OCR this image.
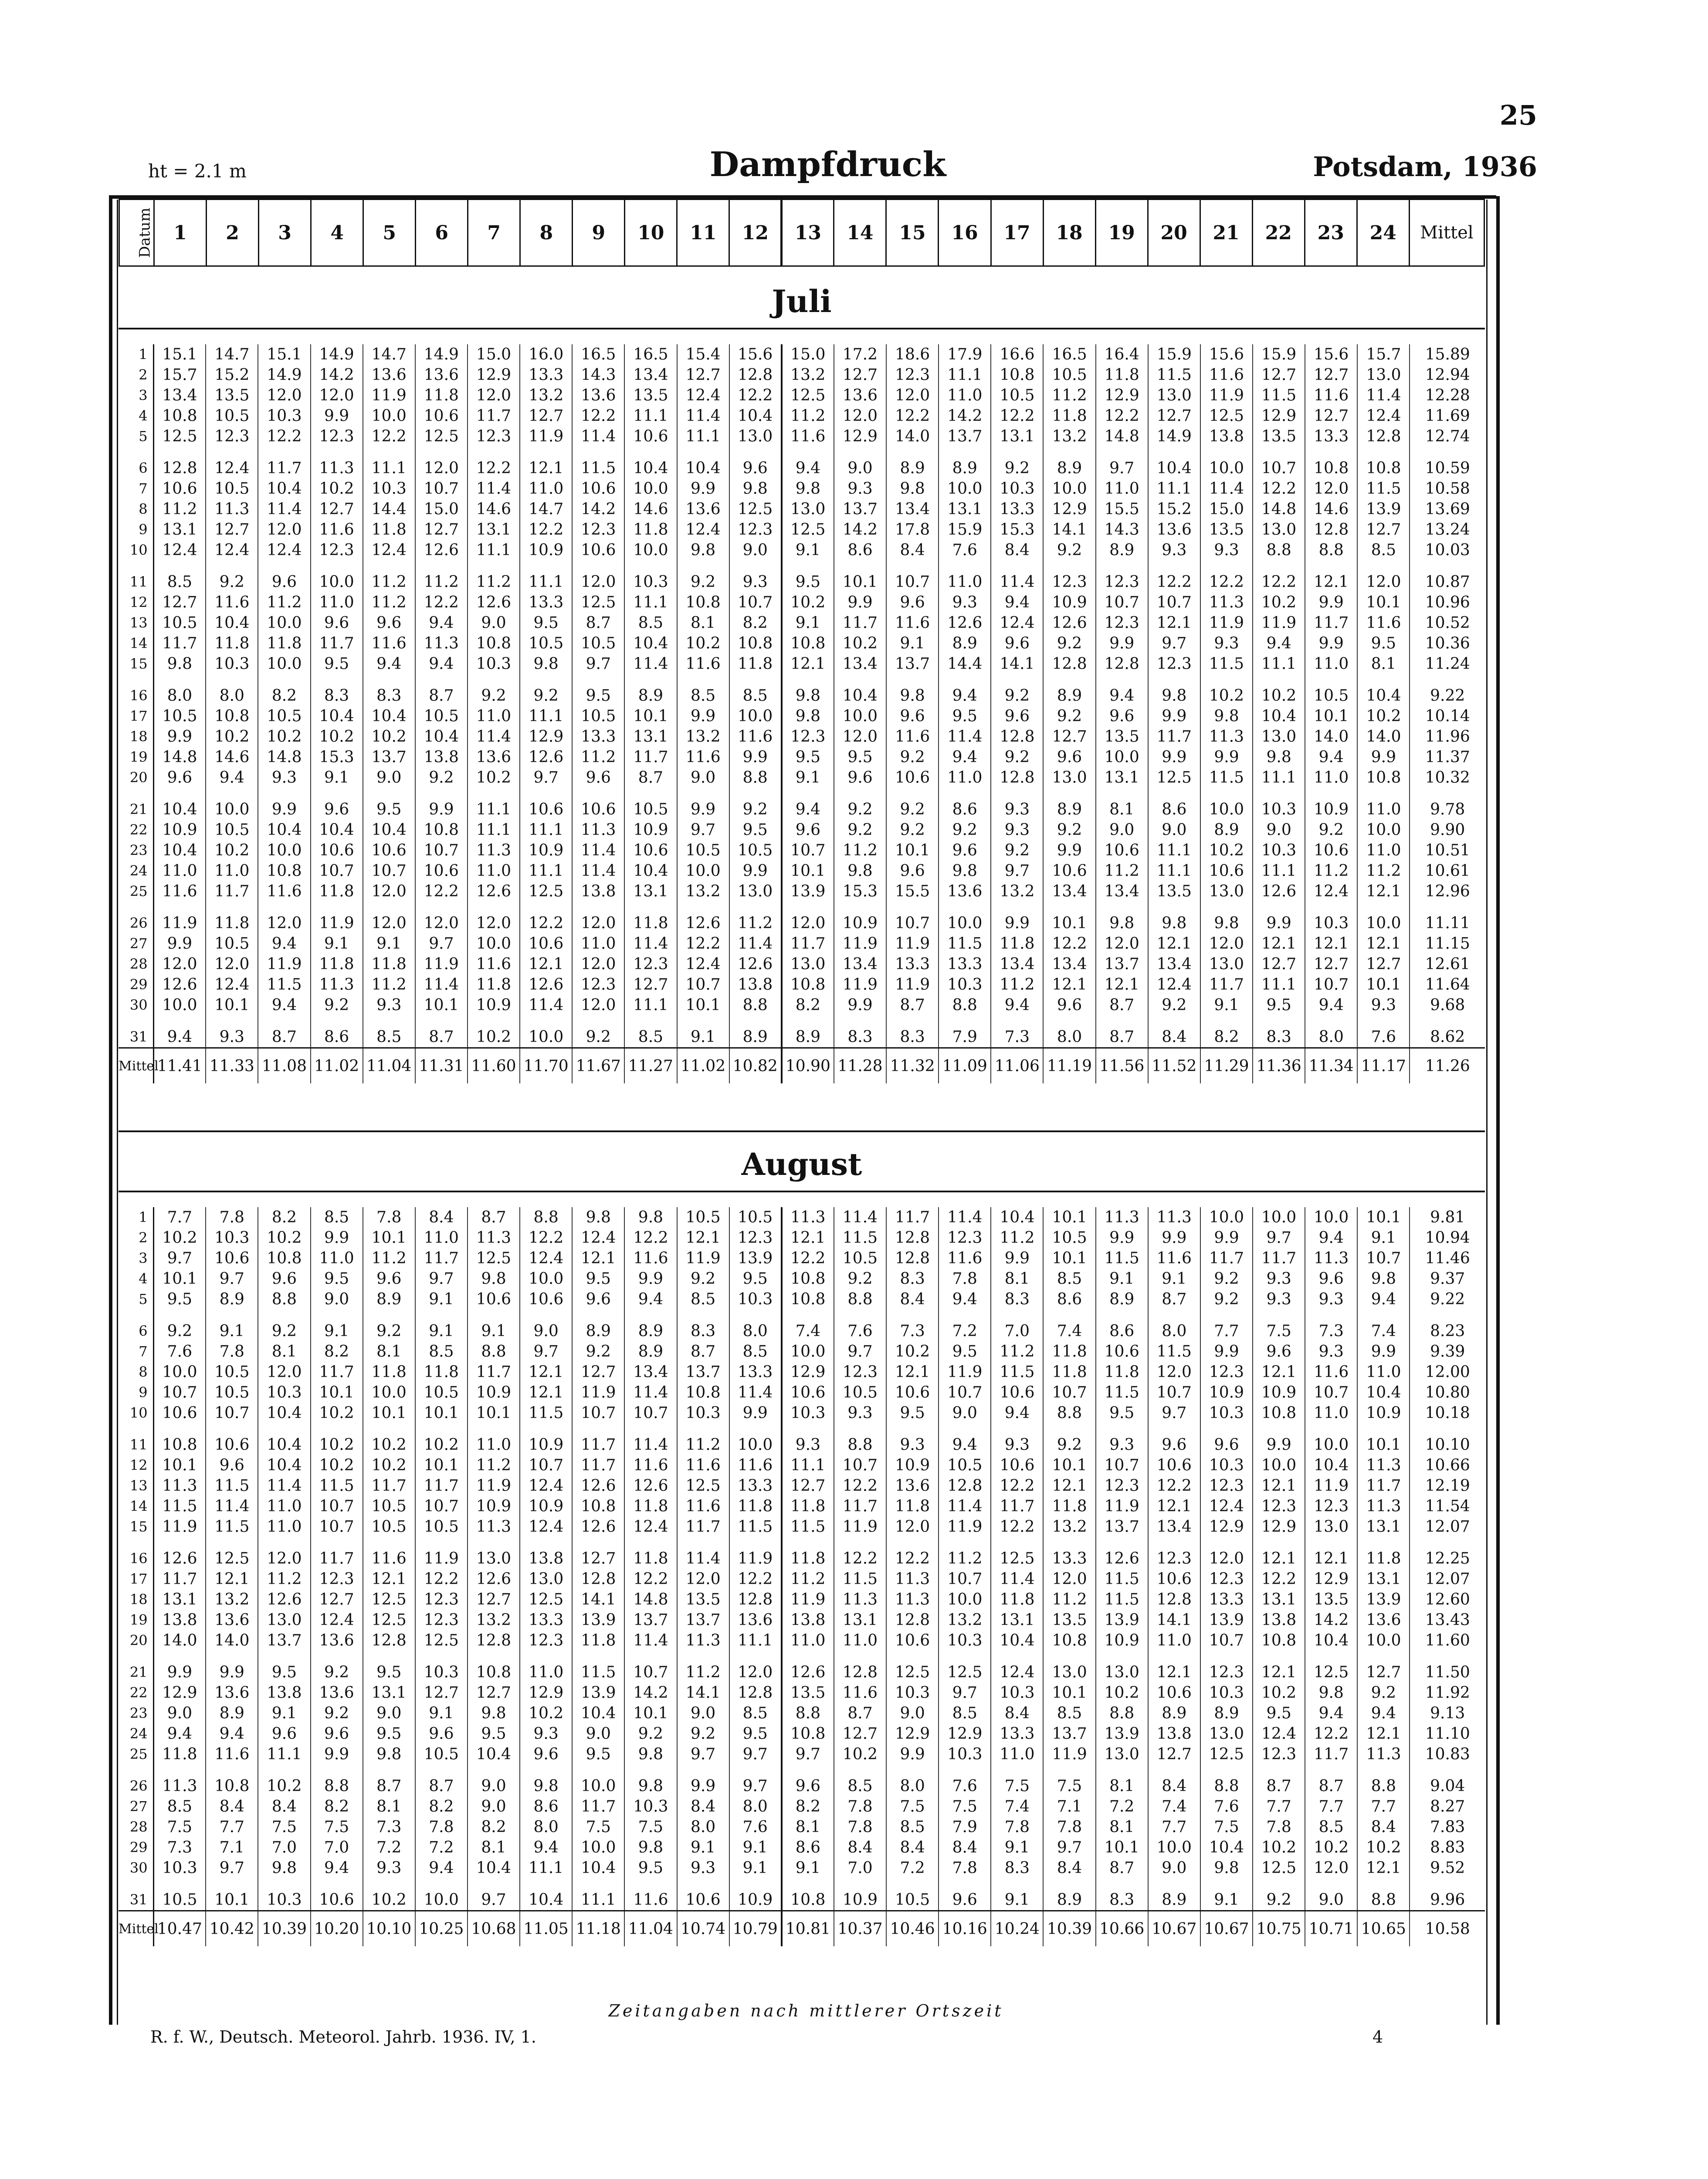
25
ht = 2.1 m	Dampfdruck	Potsdam, 1936
Datum	1	2	3	4	5	6	7	8	9	10	11	12	13	14	15	16	17	18	19	20	21	22	23	24	Mittel
Juli
1	15.1	14.7	15.1	14.9	14.7	14.9	15.0	16.0	16.5	16.5	15.4	15.6	15.0	17.2	18.6	17.9	16.6	16.5	16.4	15.9	15.6	15.9	15.6	15.7	15.89
2	15.7	15.2	14.9	14.2	13.6	13.6	12.9	13.3	14.3	13.4	12.7	12.8	13.2	12.7	12.3	11.1	10.8	10.5	11.8	11.5	11.6	12.7	12.7	13.0	12.94
3	13.4	13.5	12.0	12.0	11.9	11.8	12.0	13.2	13.6	13.5	12.4	12.2	12.5	13.6	12.0	11.0	10.5	11.2	12.9	13.0	11.9	11.5	11.6	11.4	12.28
4	10.8	10.5	10.3	9.9	10.0	10.6	11.7	12.7	12.2	11.1	11.4	10.4	11.2	12.0	12.2	14.2	12.2	11.8	12.2	12.7	12.5	12.9	12.7	12.4	11.69
5	12.5	12.3	12.2	12.3	12.2	12.5	12.3	11.9	11.4	10.6	11.1	13.0	11.6	12.9	14.0	13.7	13.1	13.2	14.8	14.9	13.8	13.5	13.3	12.8	12.74

6	12.8	12.4	11.7	11.3	11.1	12.0	12.2	12.1	11.5	10.4	10.4	9.6	9.4	9.0	8.9	8.9	9.2	8.9	9.7	10.4	10.0	10.7	10.8	10.8	10.59
7	10.6	10.5	10.4	10.2	10.3	10.7	11.4	11.0	10.6	10.0	9.9	9.8	9.8	9.3	9.8	10.0	10.3	10.0	11.0	11.1	11.4	12.2	12.0	11.5	10.58
8	11.2	11.3	11.4	12.7	14.4	15.0	14.6	14.7	14.2	14.6	13.6	12.5	13.0	13.7	13.4	13.1	13.3	12.9	15.5	15.2	15.0	14.8	14.6	13.9	13.69
9	13.1	12.7	12.0	11.6	11.8	12.7	13.1	12.2	12.3	11.8	12.4	12.3	12.5	14.2	17.8	15.9	15.3	14.1	14.3	13.6	13.5	13.0	12.8	12.7	13.24
10	12.4	12.4	12.4	12.3	12.4	12.6	11.1	10.9	10.6	10.0	9.8	9.0	9.1	8.6	8.4	7.6	8.4	9.2	8.9	9.3	9.3	8.8	8.8	8.5	10.03

11	8.5	9.2	9.6	10.0	11.2	11.2	11.2	11.1	12.0	10.3	9.2	9.3	9.5	10.1	10.7	11.0	11.4	12.3	12.3	12.2	12.2	12.2	12.1	12.0	10.87
12	12.7	11.6	11.2	11.0	11.2	12.2	12.6	13.3	12.5	11.1	10.8	10.7	10.2	9.9	9.6	9.3	9.4	10.9	10.7	10.7	11.3	10.2	9.9	10.1	10.96
13	10.5	10.4	10.0	9.6	9.6	9.4	9.0	9.5	8.7	8.5	8.1	8.2	9.1	11.7	11.6	12.6	12.4	12.6	12.3	12.1	11.9	11.9	11.7	11.6	10.52
14	11.7	11.8	11.8	11.7	11.6	11.3	10.8	10.5	10.5	10.4	10.2	10.8	10.8	10.2	9.1	8.9	9.6	9.2	9.9	9.7	9.3	9.4	9.9	9.5	10.36
15	9.8	10.3	10.0	9.5	9.4	9.4	10.3	9.8	9.7	11.4	11.6	11.8	12.1	13.4	13.7	14.4	14.1	12.8	12.8	12.3	11.5	11.1	11.0	8.1	11.24

16	8.0	8.0	8.2	8.3	8.3	8.7	9.2	9.2	9.5	8.9	8.5	8.5	9.8	10.4	9.8	9.4	9.2	8.9	9.4	9.8	10.2	10.2	10.5	10.4	9.22
17	10.5	10.8	10.5	10.4	10.4	10.5	11.0	11.1	10.5	10.1	9.9	10.0	9.8	10.0	9.6	9.5	9.6	9.2	9.6	9.9	9.8	10.4	10.1	10.2	10.14
18	9.9	10.2	10.2	10.2	10.2	10.4	11.4	12.9	13.3	13.1	13.2	11.6	12.3	12.0	11.6	11.4	12.8	12.7	13.5	11.7	11.3	13.0	14.0	14.0	11.96
19	14.8	14.6	14.8	15.3	13.7	13.8	13.6	12.6	11.2	11.7	11.6	9.9	9.5	9.5	9.2	9.4	9.2	9.6	10.0	9.9	9.9	9.8	9.4	9.9	11.37
20	9.6	9.4	9.3	9.1	9.0	9.2	10.2	9.7	9.6	8.7	9.0	8.8	9.1	9.6	10.6	11.0	12.8	13.0	13.1	12.5	11.5	11.1	11.0	10.8	10.32

21	10.4	10.0	9.9	9.6	9.5	9.9	11.1	10.6	10.6	10.5	9.9	9.2	9.4	9.2	9.2	8.6	9.3	8.9	8.1	8.6	10.0	10.3	10.9	11.0	9.78
22	10.9	10.5	10.4	10.4	10.4	10.8	11.1	11.1	11.3	10.9	9.7	9.5	9.6	9.2	9.2	9.2	9.3	9.2	9.0	9.0	8.9	9.0	9.2	10.0	9.90
23	10.4	10.2	10.0	10.6	10.6	10.7	11.3	10.9	11.4	10.6	10.5	10.5	10.7	11.2	10.1	9.6	9.2	9.9	10.6	11.1	10.2	10.3	10.6	11.0	10.51
24	11.0	11.0	10.8	10.7	10.7	10.6	11.0	11.1	11.4	10.4	10.0	9.9	10.1	9.8	9.6	9.8	9.7	10.6	11.2	11.1	10.6	11.1	11.2	11.2	10.61
25	11.6	11.7	11.6	11.8	12.0	12.2	12.6	12.5	13.8	13.1	13.2	13.0	13.9	15.3	15.5	13.6	13.2	13.4	13.4	13.5	13.0	12.6	12.4	12.1	12.96

26	11.9	11.8	12.0	11.9	12.0	12.0	12.0	12.2	12.0	11.8	12.6	11.2	12.0	10.9	10.7	10.0	9.9	10.1	9.8	9.8	9.8	9.9	10.3	10.0	11.11
27	9.9	10.5	9.4	9.1	9.1	9.7	10.0	10.6	11.0	11.4	12.2	11.4	11.7	11.9	11.9	11.5	11.8	12.2	12.0	12.1	12.0	12.1	12.1	12.1	11.15
28	12.0	12.0	11.9	11.8	11.8	11.9	11.6	12.1	12.0	12.3	12.4	12.6	13.0	13.4	13.3	13.3	13.4	13.4	13.7	13.4	13.0	12.7	12.7	12.7	12.61
29	12.6	12.4	11.5	11.3	11.2	11.4	11.8	12.6	12.3	12.7	10.7	13.8	10.8	11.9	11.9	10.3	11.2	12.1	12.1	12.4	11.7	11.1	10.7	10.1	11.64
30	10.0	10.1	9.4	9.2	9.3	10.1	10.9	11.4	12.0	11.1	10.1	8.8	8.2	9.9	8.7	8.8	9.4	9.6	8.7	9.2	9.1	9.5	9.4	9.3	9.68

31	9.4	9.3	8.7	8.6	8.5	8.7	10.2	10.0	9.2	8.5	9.1	8.9	8.9	8.3	8.3	7.9	7.3	8.0	8.7	8.4	8.2	8.3	8.0	7.6	8.62
Mittel	11.41	11.33	11.08	11.02	11.04	11.31	11.60	11.70	11.67	11.27	11.02	10.82	10.90	11.28	11.32	11.09	11.06	11.19	11.56	11.52	11.29	11.36	11.34	11.17	11.26
August
1	7.7	7.8	8.2	8.5	7.8	8.4	8.7	8.8	9.8	9.8	10.5	10.5	11.3	11.4	11.7	11.4	10.4	10.1	11.3	11.3	10.0	10.0	10.0	10.1	9.81
2	10.2	10.3	10.2	9.9	10.1	11.0	11.3	12.2	12.4	12.2	12.1	12.3	12.1	11.5	12.8	12.3	11.2	10.5	9.9	9.9	9.9	9.7	9.4	9.1	10.94
3	9.7	10.6	10.8	11.0	11.2	11.7	12.5	12.4	12.1	11.6	11.9	13.9	12.2	10.5	12.8	11.6	9.9	10.1	11.5	11.6	11.7	11.7	11.3	10.7	11.46
4	10.1	9.7	9.6	9.5	9.6	9.7	9.8	10.0	9.5	9.9	9.2	9.5	10.8	9.2	8.3	7.8	8.1	8.5	9.1	9.1	9.2	9.3	9.6	9.8	9.37
5	9.5	8.9	8.8	9.0	8.9	9.1	10.6	10.6	9.6	9.4	8.5	10.3	10.8	8.8	8.4	9.4	8.3	8.6	8.9	8.7	9.2	9.3	9.3	9.4	9.22

6	9.2	9.1	9.2	9.1	9.2	9.1	9.1	9.0	8.9	8.9	8.3	8.0	7.4	7.6	7.3	7.2	7.0	7.4	8.6	8.0	7.7	7.5	7.3	7.4	8.23
7	7.6	7.8	8.1	8.2	8.1	8.5	8.8	9.7	9.2	8.9	8.7	8.5	10.0	9.7	10.2	9.5	11.2	11.8	10.6	11.5	9.9	9.6	9.3	9.9	9.39
8	10.0	10.5	12.0	11.7	11.8	11.8	11.7	12.1	12.7	13.4	13.7	13.3	12.9	12.3	12.1	11.9	11.5	11.8	11.8	12.0	12.3	12.1	11.6	11.0	12.00
9	10.7	10.5	10.3	10.1	10.0	10.5	10.9	12.1	11.9	11.4	10.8	11.4	10.6	10.5	10.6	10.7	10.6	10.7	11.5	10.7	10.9	10.9	10.7	10.4	10.80
10	10.6	10.7	10.4	10.2	10.1	10.1	10.1	11.5	10.7	10.7	10.3	9.9	10.3	9.3	9.5	9.0	9.4	8.8	9.5	9.7	10.3	10.8	11.0	10.9	10.18

11	10.8	10.6	10.4	10.2	10.2	10.2	11.0	10.9	11.7	11.4	11.2	10.0	9.3	8.8	9.3	9.4	9.3	9.2	9.3	9.6	9.6	9.9	10.0	10.1	10.10
12	10.1	9.6	10.4	10.2	10.2	10.1	11.2	10.7	11.7	11.6	11.6	11.6	11.1	10.7	10.9	10.5	10.6	10.1	10.7	10.6	10.3	10.0	10.4	11.3	10.66
13	11.3	11.5	11.4	11.5	11.7	11.7	11.9	12.4	12.6	12.6	12.5	13.3	12.7	12.2	13.6	12.8	12.2	12.1	12.3	12.2	12.3	12.1	11.9	11.7	12.19
14	11.5	11.4	11.0	10.7	10.5	10.7	10.9	10.9	10.8	11.8	11.6	11.8	11.8	11.7	11.8	11.4	11.7	11.8	11.9	12.1	12.4	12.3	12.3	11.3	11.54
15	11.9	11.5	11.0	10.7	10.5	10.5	11.3	12.4	12.6	12.4	11.7	11.5	11.5	11.9	12.0	11.9	12.2	13.2	13.7	13.4	12.9	12.9	13.0	13.1	12.07

16	12.6	12.5	12.0	11.7	11.6	11.9	13.0	13.8	12.7	11.8	11.4	11.9	11.8	12.2	12.2	11.2	12.5	13.3	12.6	12.3	12.0	12.1	12.1	11.8	12.25
17	11.7	12.1	11.2	12.3	12.1	12.2	12.6	13.0	12.8	12.2	12.0	12.2	11.2	11.5	11.3	10.7	11.4	12.0	11.5	10.6	12.3	12.2	12.9	13.1	12.07
18	13.1	13.2	12.6	12.7	12.5	12.3	12.7	12.5	14.1	14.8	13.5	12.8	11.9	11.3	11.3	10.0	11.8	11.2	11.5	12.8	13.3	13.1	13.5	13.9	12.60
19	13.8	13.6	13.0	12.4	12.5	12.3	13.2	13.3	13.9	13.7	13.7	13.6	13.8	13.1	12.8	13.2	13.1	13.5	13.9	14.1	13.9	13.8	14.2	13.6	13.43
20	14.0	14.0	13.7	13.6	12.8	12.5	12.8	12.3	11.8	11.4	11.3	11.1	11.0	11.0	10.6	10.3	10.4	10.8	10.9	11.0	10.7	10.8	10.4	10.0	11.60

21	9.9	9.9	9.5	9.2	9.5	10.3	10.8	11.0	11.5	10.7	11.2	12.0	12.6	12.8	12.5	12.5	12.4	13.0	13.0	12.1	12.3	12.1	12.5	12.7	11.50
22	12.9	13.6	13.8	13.6	13.1	12.7	12.7	12.9	13.9	14.2	14.1	12.8	13.5	11.6	10.3	9.7	10.3	10.1	10.2	10.6	10.3	10.2	9.8	9.2	11.92
23	9.0	8.9	9.1	9.2	9.0	9.1	9.8	10.2	10.4	10.1	9.0	8.5	8.8	8.7	9.0	8.5	8.4	8.5	8.8	8.9	8.9	9.5	9.4	9.4	9.13
24	9.4	9.4	9.6	9.6	9.5	9.6	9.5	9.3	9.0	9.2	9.2	9.5	10.8	12.7	12.9	12.9	13.3	13.7	13.9	13.8	13.0	12.4	12.2	12.1	11.10
25	11.8	11.6	11.1	9.9	9.8	10.5	10.4	9.6	9.5	9.8	9.7	9.7	9.7	10.2	9.9	10.3	11.0	11.9	13.0	12.7	12.5	12.3	11.7	11.3	10.83

26	11.3	10.8	10.2	8.8	8.7	8.7	9.0	9.8	10.0	9.8	9.9	9.7	9.6	8.5	8.0	7.6	7.5	7.5	8.1	8.4	8.8	8.7	8.7	8.8	9.04
27	8.5	8.4	8.4	8.2	8.1	8.2	9.0	8.6	11.7	10.3	8.4	8.0	8.2	7.8	7.5	7.5	7.4	7.1	7.2	7.4	7.6	7.7	7.7	7.7	8.27
28	7.5	7.7	7.5	7.5	7.3	7.8	8.2	8.0	7.5	7.5	8.0	7.6	8.1	7.8	8.5	7.9	7.8	7.8	8.1	7.7	7.5	7.8	8.5	8.4	7.83
29	7.3	7.1	7.0	7.0	7.2	7.2	8.1	9.4	10.0	9.8	9.1	9.1	8.6	8.4	8.4	8.4	9.1	9.7	10.1	10.0	10.4	10.2	10.2	10.2	8.83
30	10.3	9.7	9.8	9.4	9.3	9.4	10.4	11.1	10.4	9.5	9.3	9.1	9.1	7.0	7.2	7.8	8.3	8.4	8.7	9.0	9.8	12.5	12.0	12.1	9.52

31	10.5	10.1	10.3	10.6	10.2	10.0	9.7	10.4	11.1	11.6	10.6	10.9	10.8	10.9	10.5	9.6	9.1	8.9	8.3	8.9	9.1	9.2	9.0	8.8	9.96
Mittel	10.47	10.42	10.39	10.20	10.10	10.25	10.68	11.05	11.18	11.04	10.74	10.79	10.81	10.37	10.46	10.16	10.24	10.39	10.66	10.67	10.67	10.75	10.71	10.65	10.58
Zeitangaben nach mittlerer Ortszeit
R. f. W., Deutsch. Meteorol. Jahrb. 1936. IV, 1.	4
